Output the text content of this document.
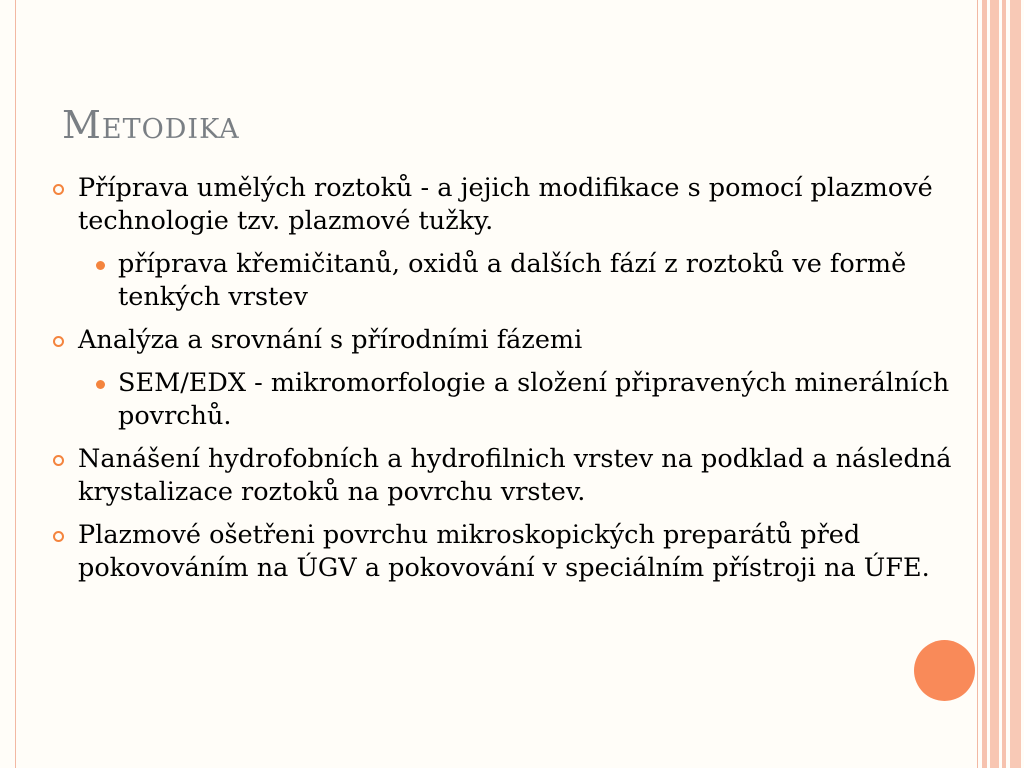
Metodika
Příprava umělých roztoků - a jejich modifikace s pomocí plazmové technologie tzv. plazmové tužky.
příprava křemičitanů, oxidů a dalších fází z roztoků ve formě tenkých vrstev
Analýza a srovnání s přírodními fázemi
SEM/EDX - mikromorfologie a složení připravených minerálních povrchů.
Nanášení hydrofobních a hydrofilnich vrstev na podklad a následná krystalizace roztoků na povrchu vrstev.
Plazmové ošetřeni povrchu mikroskopických preparátů před pokovováním na ÚGV a pokovování v speciálním přístroji na ÚFE.
